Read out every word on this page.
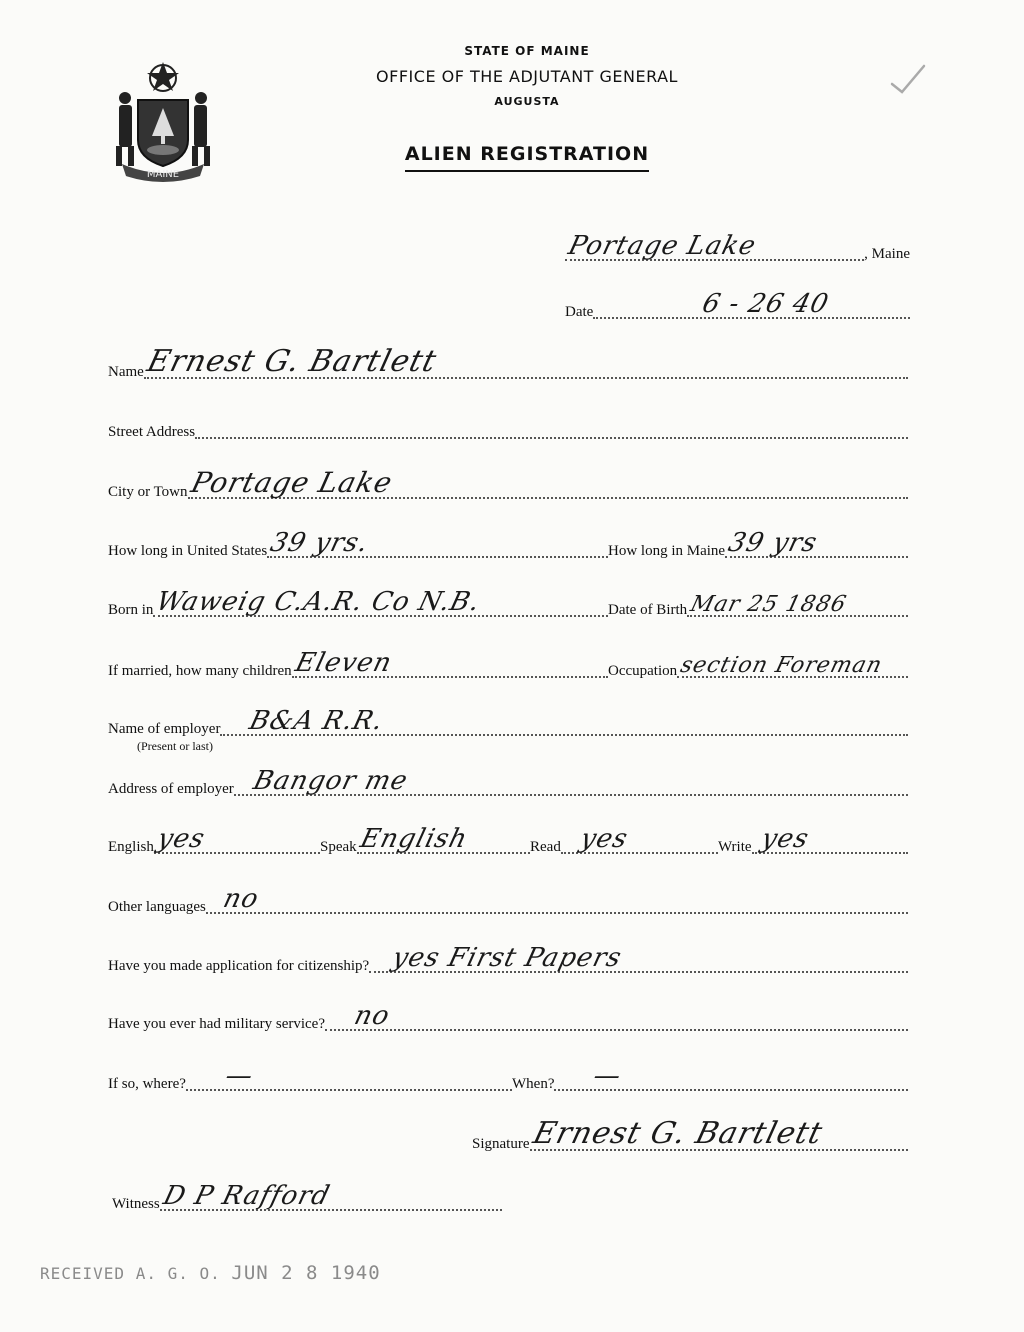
MAINE
STATE OF MAINE
OFFICE OF THE ADJUTANT GENERAL
AUGUSTA
ALIEN REGISTRATION
Portage Lake	, Maine
Date	6 - 26 40
Name Ernest G. Bartlett
Street Address
City or Town Portage Lake
How long in United States 39 yrs.	How long in Maine 39 yrs
Born in Waweig C.A.R. Co N.B.	Date of Birth Mar 25 1886
If married, how many children Eleven	Occupation section Foreman
Name of employer B&A R.R.
(Present or last)
Address of employer Bangor me
English yes	Speak English	Read yes	Write yes
Other languages no
Have you made application for citizenship? yes First Papers
Have you ever had military service? no
If so, where? —	When? —
Signature Ernest G. Bartlett
Witness D P Rafford
RECEIVED A. G. O. JUN 2 8 1940
